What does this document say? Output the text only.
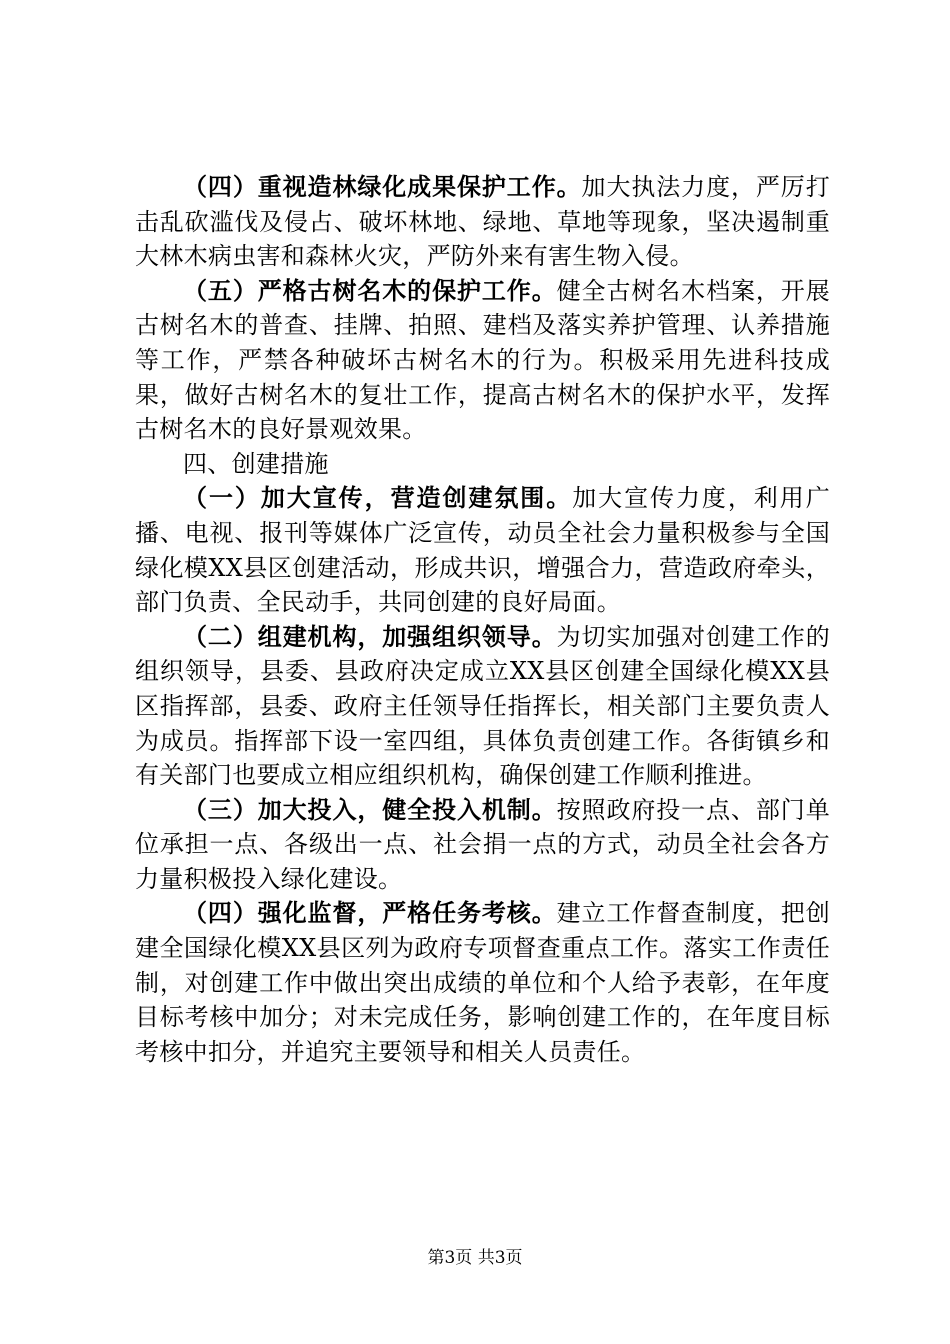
（四）重视造林绿化成果保护工作。加大执法力度，严厉打击乱砍滥伐及侵占、破坏林地、绿地、草地等现象，坚决遏制重大林木病虫害和森林火灾，严防外来有害生物入侵。

（五）严格古树名木的保护工作。健全古树名木档案，开展古树名木的普查、挂牌、拍照、建档及落实养护管理、认养措施等工作，严禁各种破坏古树名木的行为。积极采用先进科技成果，做好古树名木的复壮工作，提高古树名木的保护水平，发挥古树名木的良好景观效果。

四、创建措施

（一）加大宣传，营造创建氛围。加大宣传力度，利用广播、电视、报刊等媒体广泛宣传，动员全社会力量积极参与全国绿化模XX县区创建活动，形成共识，增强合力，营造政府牵头，部门负责、全民动手，共同创建的良好局面。

（二）组建机构，加强组织领导。为切实加强对创建工作的组织领导，县委、县政府决定成立XX县区创建全国绿化模XX县区指挥部，县委、政府主任领导任指挥长，相关部门主要负责人为成员。指挥部下设一室四组，具体负责创建工作。各街镇乡和有关部门也要成立相应组织机构，确保创建工作顺利推进。

（三）加大投入，健全投入机制。按照政府投一点、部门单位承担一点、各级出一点、社会捐一点的方式，动员全社会各方力量积极投入绿化建设。

（四）强化监督，严格任务考核。建立工作督查制度，把创建全国绿化模XX县区列为政府专项督查重点工作。落实工作责任制，对创建工作中做出突出成绩的单位和个人给予表彰，在年度目标考核中加分；对未完成任务，影响创建工作的，在年度目标考核中扣分，并追究主要领导和相关人员责任。

第3页 共3页
